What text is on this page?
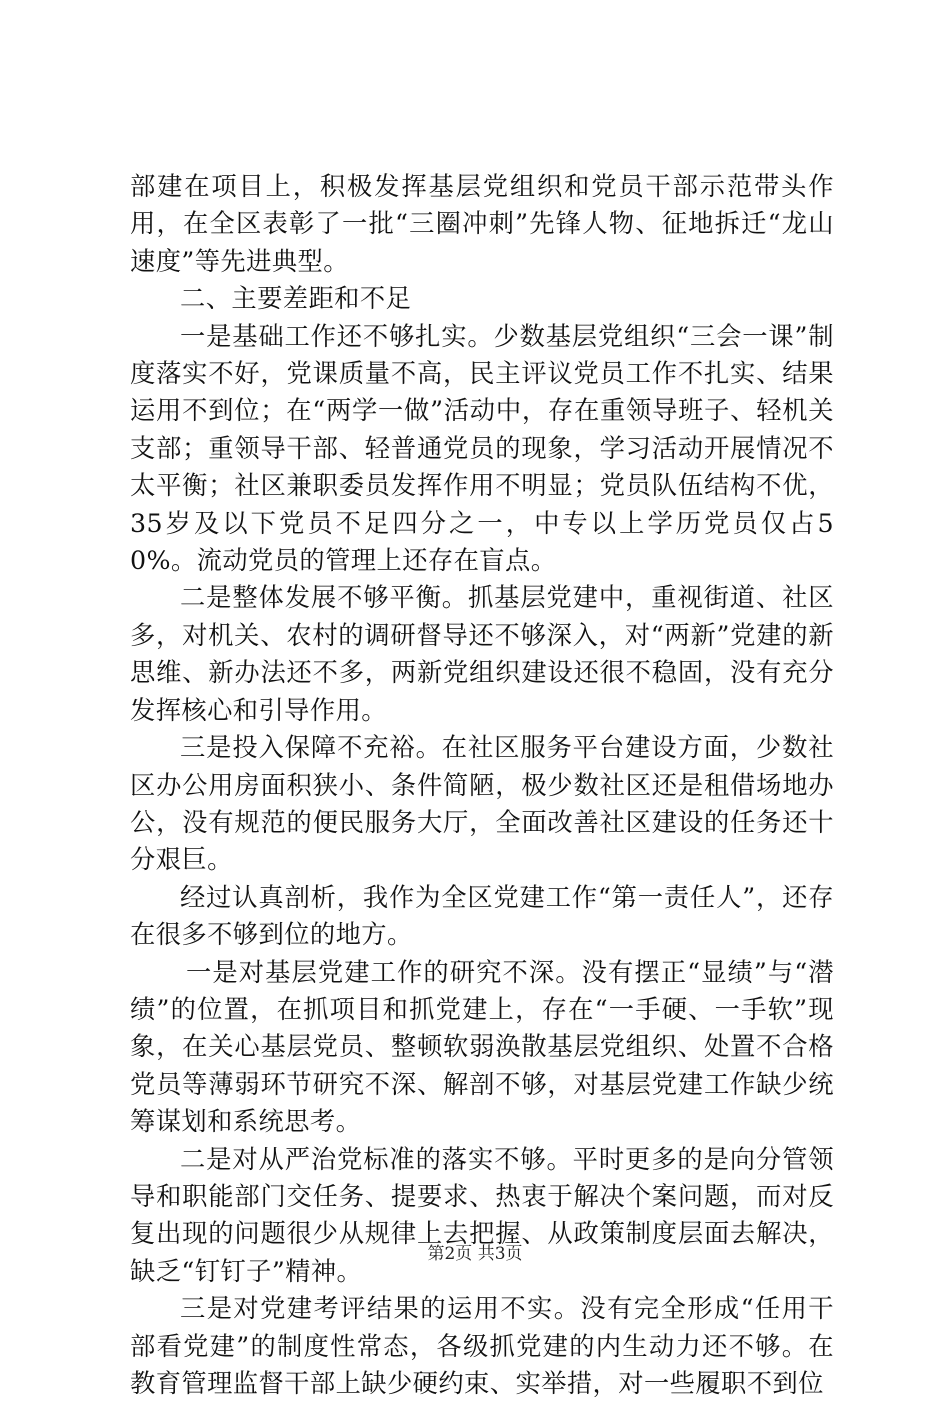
部建在项目上，积极发挥基层党组织和党员干部示范带头作用，在全区表彰了一批“三圈冲刺”先锋人物、征地拆迁“龙山速度”等先进典型。

二、主要差距和不足

一是基础工作还不够扎实。少数基层党组织“三会一课”制度落实不好，党课质量不高，民主评议党员工作不扎实、结果运用不到位；在“两学一做”活动中，存在重领导班子、轻机关支部；重领导干部、轻普通党员的现象，学习活动开展情况不太平衡；社区兼职委员发挥作用不明显；党员队伍结构不优，35岁及以下党员不足四分之一，中专以上学历党员仅占50%。流动党员的管理上还存在盲点。

二是整体发展不够平衡。抓基层党建中，重视街道、社区多，对机关、农村的调研督导还不够深入，对“两新”党建的新思维、新办法还不多，两新党组织建设还很不稳固，没有充分发挥核心和引导作用。

三是投入保障不充裕。在社区服务平台建设方面，少数社区办公用房面积狭小、条件简陋，极少数社区还是租借场地办公，没有规范的便民服务大厅，全面改善社区建设的任务还十分艰巨。

经过认真剖析，我作为全区党建工作“第一责任人”，还存在很多不够到位的地方。

一是对基层党建工作的研究不深。没有摆正“显绩”与“潜绩”的位置，在抓项目和抓党建上，存在“一手硬、一手软”现象，在关心基层党员、整顿软弱涣散基层党组织、处置不合格党员等薄弱环节研究不深、解剖不够，对基层党建工作缺少统筹谋划和系统思考。

二是对从严治党标准的落实不够。平时更多的是向分管领导和职能部门交任务、提要求、热衷于解决个案问题，而对反复出现的问题很少从规律上去把握、从政策制度层面去解决，缺乏“钉钉子”精神。

三是对党建考评结果的运用不实。没有完全形成“任用干部看党建”的制度性常态，各级抓党建的内生动力还不够。在教育管理监督干部上缺少硬约束、实举措，对一些履职不到位

第2页 共3页
